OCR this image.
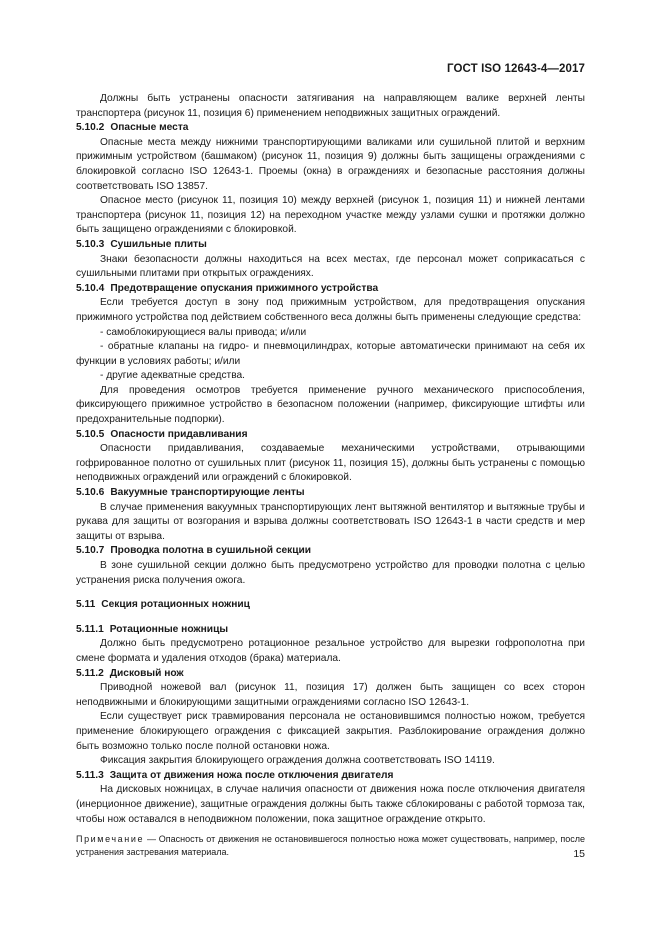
ГОСТ ISO 12643-4—2017

Должны быть устранены опасности затягивания на направляющем валике верхней ленты транспортера (рисунок 11, позиция 6) применением неподвижных защитных ограждений.

5.10.2 Опасные места

Опасные места между нижними транспортирующими валиками или сушильной плитой и верхним прижимным устройством (башмаком) (рисунок 11, позиция 9) должны быть защищены ограждениями с блокировкой согласно ISO 12643-1. Проемы (окна) в ограждениях и безопасные расстояния должны соответствовать ISO 13857.

Опасное место (рисунок 11, позиция 10) между верхней (рисунок 1, позиция 11) и нижней лентами транспортера (рисунок 11, позиция 12) на переходном участке между узлами сушки и протяжки должно быть защищено ограждениями с блокировкой.

5.10.3 Сушильные плиты

Знаки безопасности должны находиться на всех местах, где персонал может соприкасаться с сушильными плитами при открытых ограждениях.

5.10.4 Предотвращение опускания прижимного устройства

Если требуется доступ в зону под прижимным устройством, для предотвращения опускания прижимного устройства под действием собственного веса должны быть применены следующие средства:

- самоблокирующиеся валы привода; и/или

- обратные клапаны на гидро- и пневмоцилиндрах, которые автоматически принимают на себя их функции в условиях работы; и/или

- другие адекватные средства.

Для проведения осмотров требуется применение ручного механического приспособления, фиксирующего прижимное устройство в безопасном положении (например, фиксирующие штифты или предохранительные подпорки).

5.10.5 Опасности придавливания

Опасности придавливания, создаваемые механическими устройствами, отрывающими гофрированное полотно от сушильных плит (рисунок 11, позиция 15), должны быть устранены с помощью неподвижных ограждений или ограждений с блокировкой.

5.10.6 Вакуумные транспортирующие ленты

В случае применения вакуумных транспортирующих лент вытяжной вентилятор и вытяжные трубы и рукава для защиты от возгорания и взрыва должны соответствовать ISO 12643-1 в части средств и мер защиты от взрыва.

5.10.7 Проводка полотна в сушильной секции

В зоне сушильной секции должно быть предусмотрено устройство для проводки полотна с целью устранения риска получения ожога.

5.11 Секция ротационных ножниц

5.11.1 Ротационные ножницы

Должно быть предусмотрено ротационное резальное устройство для вырезки гофрополотна при смене формата и удаления отходов (брака) материала.

5.11.2 Дисковый нож

Приводной ножевой вал (рисунок 11, позиция 17) должен быть защищен со всех сторон неподвижными и блокирующими защитными ограждениями согласно ISO 12643-1.

Если существует риск травмирования персонала не остановившимся полностью ножом, требуется применение блокирующего ограждения с фиксацией закрытия. Разблокирование ограждения должно быть возможно только после полной остановки ножа.

Фиксация закрытия блокирующего ограждения должна соответствовать ISO 14119.

5.11.3 Защита от движения ножа после отключения двигателя

На дисковых ножницах, в случае наличия опасности от движения ножа после отключения двигателя (инерционное движение), защитные ограждения должны быть также сблокированы с работой тормоза так, чтобы нож оставался в неподвижном положении, пока защитное ограждение открыто.

Примечание — Опасность от движения не остановившегося полностью ножа может существовать, например, после устранения застревания материала.	15
